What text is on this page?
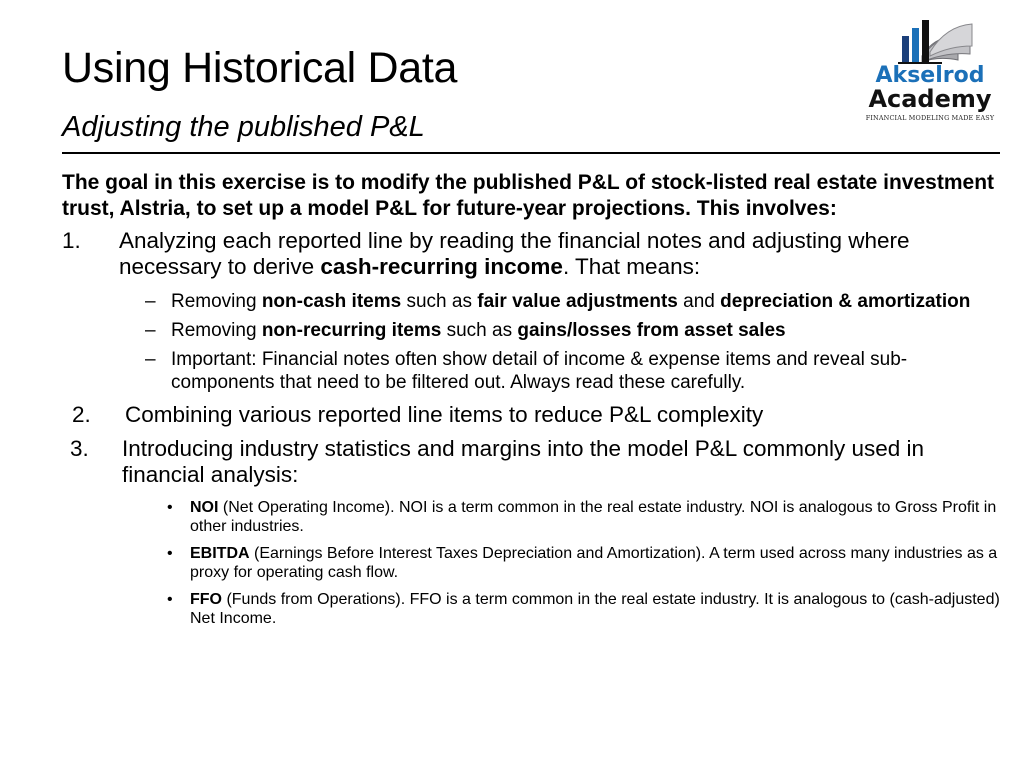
Using Historical Data
Adjusting the published P&L
Akselrod
Academy
FINANCIAL MODELING MADE EASY

The goal in this exercise is to modify the published P&L of stock-listed real estate investment trust, Alstria, to set up a model P&L for future-year projections. This involves:

1. Analyzing each reported line by reading the financial notes and adjusting where necessary to derive cash-recurring income. That means:
– Removing non-cash items such as fair value adjustments and depreciation & amortization
– Removing non-recurring items such as gains/losses from asset sales
– Important: Financial notes often show detail of income & expense items and reveal sub-components that need to be filtered out. Always read these carefully.
2. Combining various reported line items to reduce P&L complexity
3. Introducing industry statistics and margins into the model P&L commonly used in financial analysis:
• NOI (Net Operating Income). NOI is a term common in the real estate industry. NOI is analogous to Gross Profit in other industries.
• EBITDA (Earnings Before Interest Taxes Depreciation and Amortization). A term used across many industries as a proxy for operating cash flow.
• FFO (Funds from Operations). FFO is a term common in the real estate industry. It is analogous to (cash-adjusted) Net Income.
